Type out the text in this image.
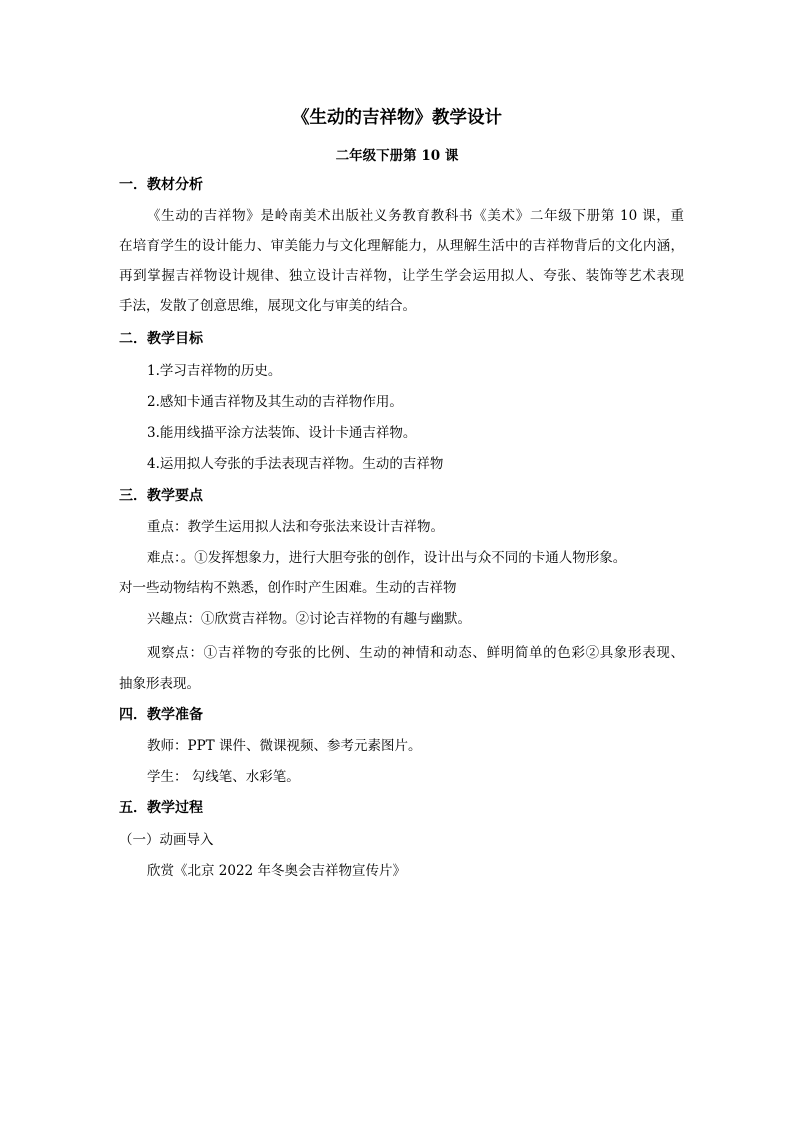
《生动的吉祥物》教学设计
二年级下册第 10 课
一．教材分析
《生动的吉祥物》是岭南美术出版社义务教育教科书《美术》二年级下册第 10 课，重
在培育学生的设计能力、审美能力与文化理解能力，从理解生活中的吉祥物背后的文化内涵，
再到掌握吉祥物设计规律、独立设计吉祥物，让学生学会运用拟人、夸张、装饰等艺术表现
手法，发散了创意思维，展现文化与审美的结合。
二．教学目标
1.学习吉祥物的历史。
2.感知卡通吉祥物及其生动的吉祥物作用。
3.能用线描平涂方法装饰、设计卡通吉祥物。
4.运用拟人夸张的手法表现吉祥物。生动的吉祥物
三．教学要点
重点：教学生运用拟人法和夸张法来设计吉祥物。
难点：。①发挥想象力，进行大胆夸张的创作，设计出与众不同的卡通人物形象。
对一些动物结构不熟悉，创作时产生困难。生动的吉祥物
兴趣点：①欣赏吉祥物。②讨论吉祥物的有趣与幽默。
观察点：①吉祥物的夸张的比例、生动的神情和动态、鲜明简单的色彩②具象形表现、
抽象形表现。
四．教学准备
教师：PPT 课件、微课视频、参考元素图片。
学生： 勾线笔、水彩笔。
五．教学过程
（一）动画导入
欣赏《北京 2022 年冬奥会吉祥物宣传片》
